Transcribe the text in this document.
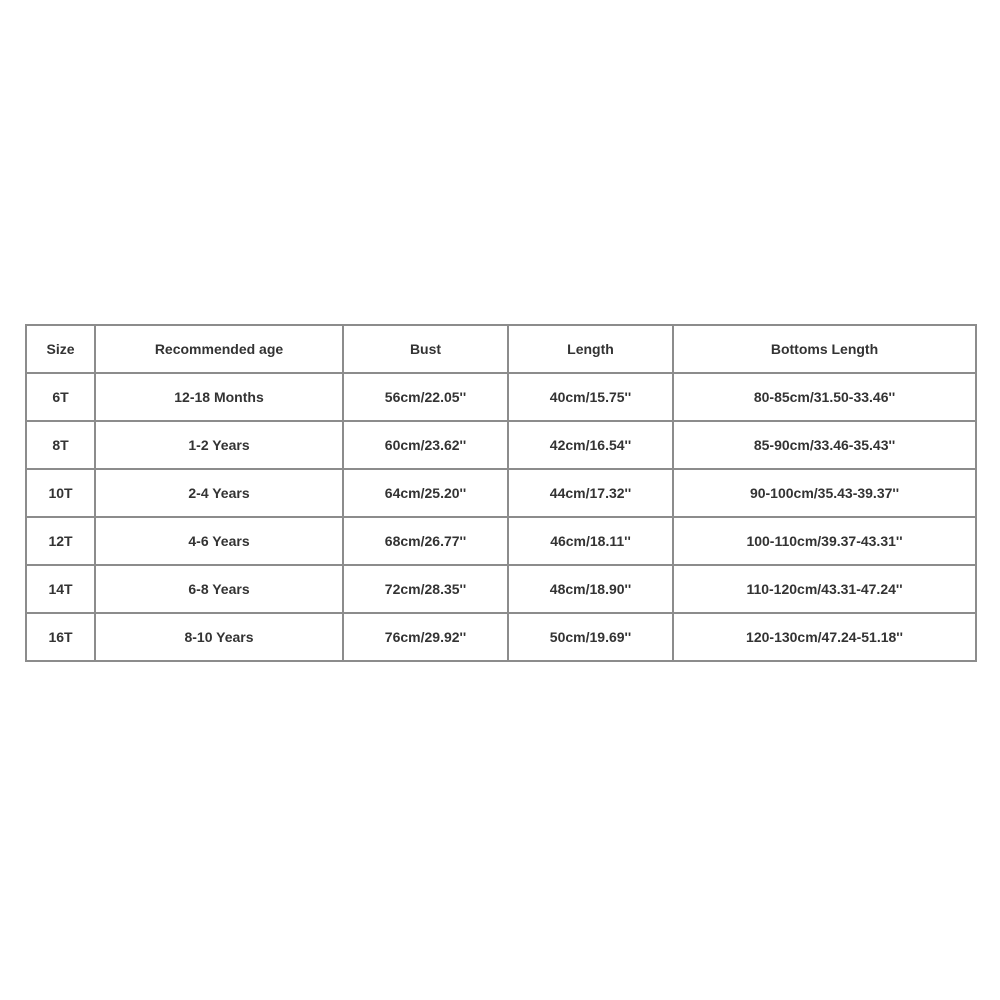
Size	Recommended age	Bust	Length	Bottoms Length
6T	12-18 Months	56cm/22.05''	40cm/15.75''	80-85cm/31.50-33.46''
8T	1-2 Years	60cm/23.62''	42cm/16.54''	85-90cm/33.46-35.43''
10T	2-4 Years	64cm/25.20''	44cm/17.32''	90-100cm/35.43-39.37''
12T	4-6 Years	68cm/26.77''	46cm/18.11''	100-110cm/39.37-43.31''
14T	6-8 Years	72cm/28.35''	48cm/18.90''	110-120cm/43.31-47.24''
16T	8-10 Years	76cm/29.92''	50cm/19.69''	120-130cm/47.24-51.18''
